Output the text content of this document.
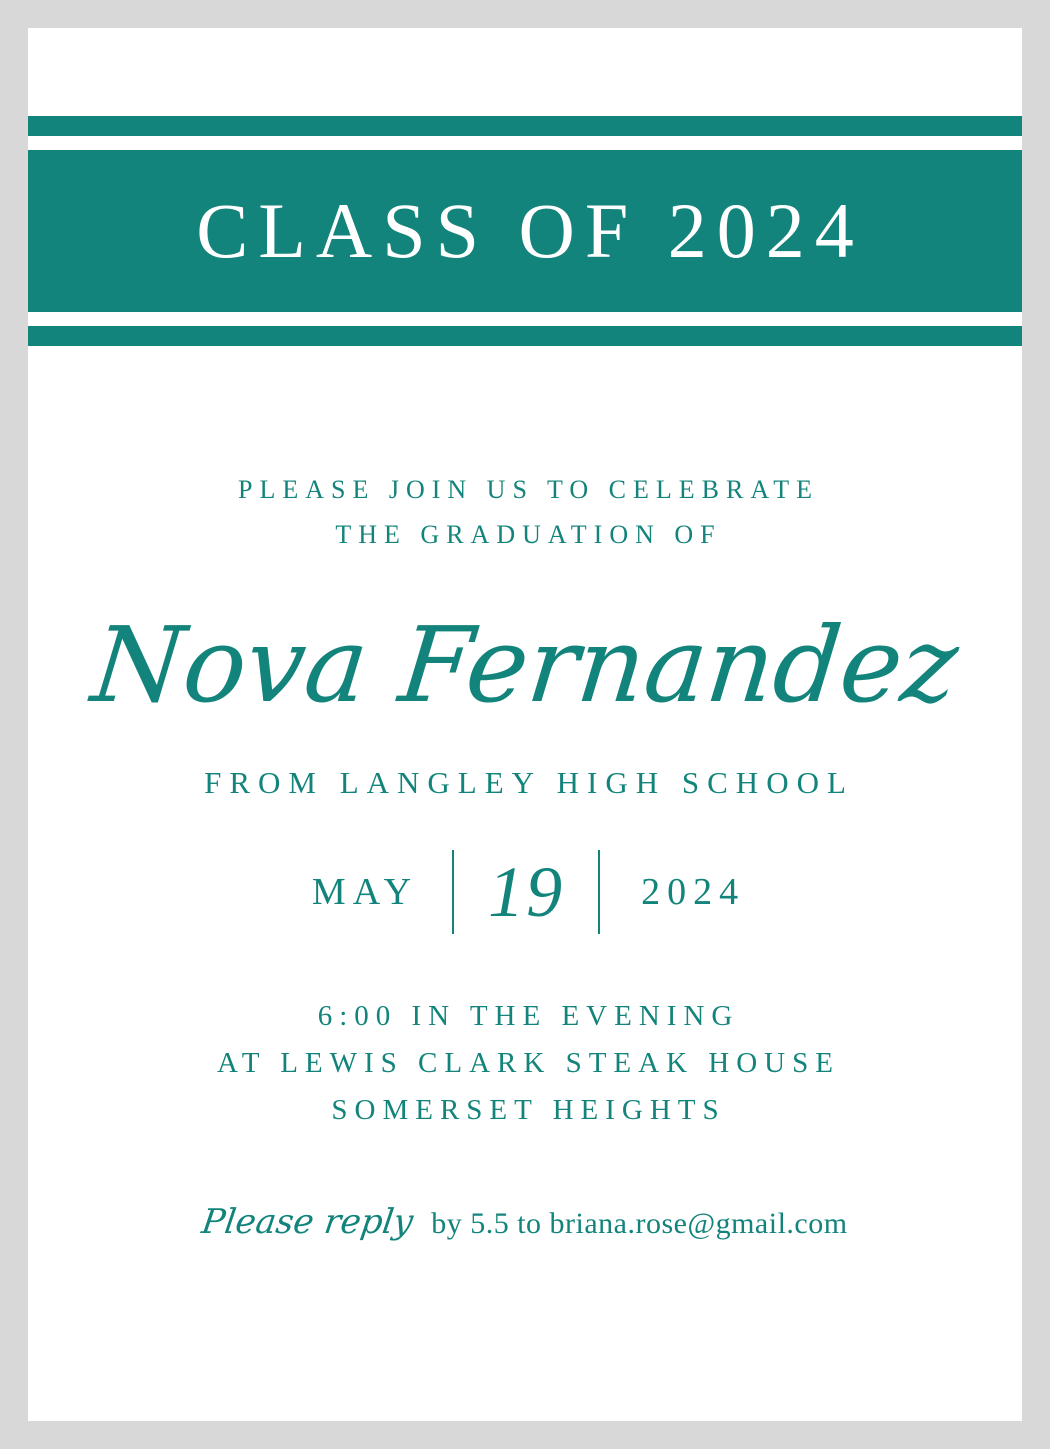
CLASS OF 2024
PLEASE JOIN US TO CELEBRATE
THE GRADUATION OF
Nova Fernandez
FROM LANGLEY HIGH SCHOOL
MAY 19 2024
6:00 IN THE EVENING
AT LEWIS CLARK STEAK HOUSE
SOMERSET HEIGHTS
Please reply by 5.5 to briana.rose@gmail.com
